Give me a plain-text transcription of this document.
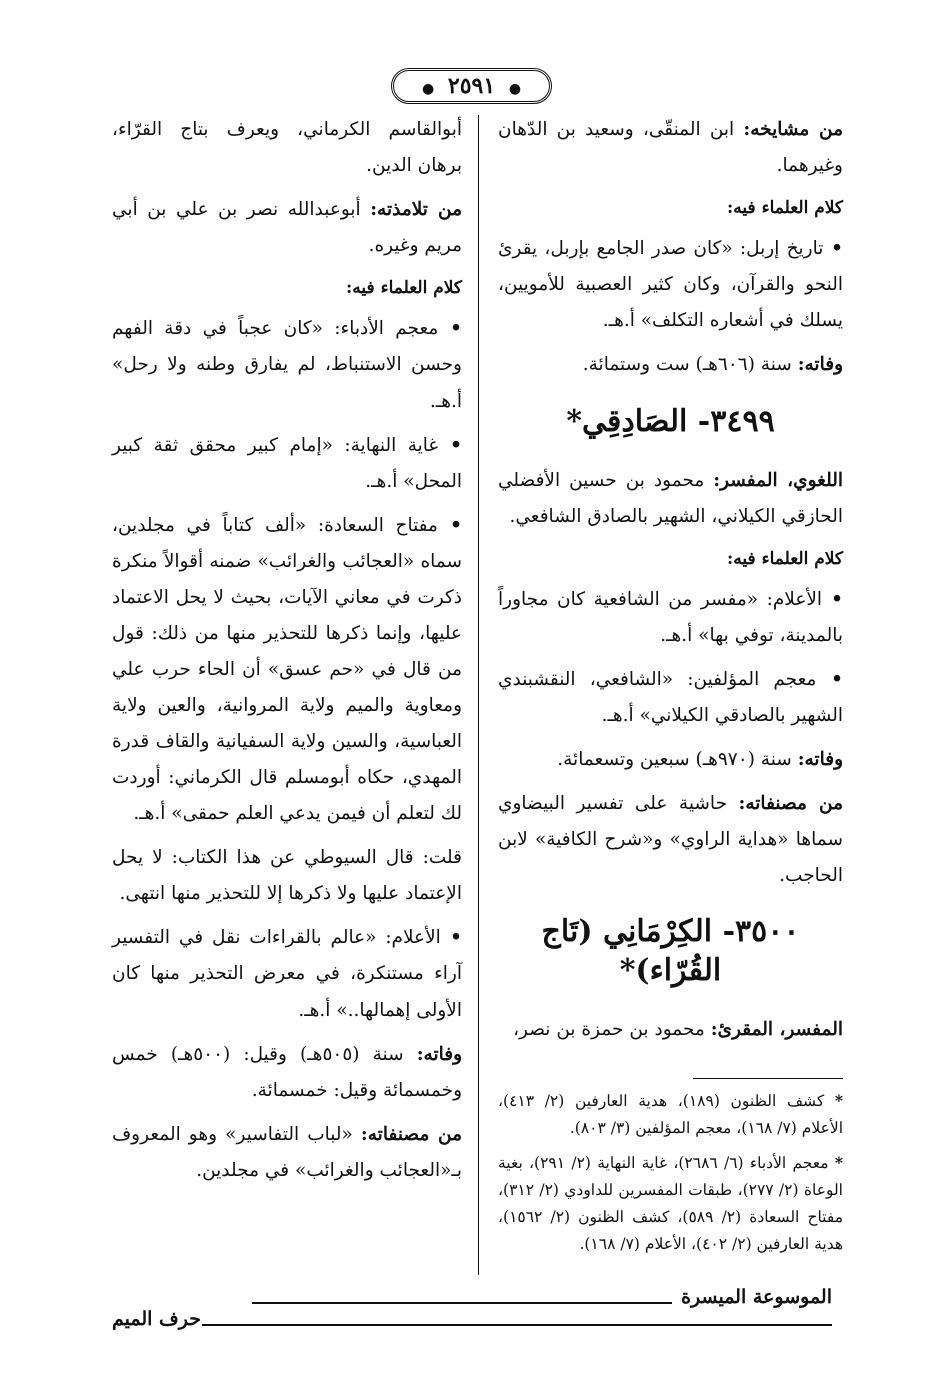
● ٢٥٩١ ●

من مشايخه: ابن المنقّى، وسعيد بن الدّهان وغيرهما.

كلام العلماء فيه:

• تاريخ إربل: «كان صدر الجامع بإربل، يقرئ النحو والقرآن، وكان كثير العصبية للأمويين، يسلك في أشعاره التكلف» أ.هـ.

وفاته: سنة (٦٠٦هـ) ست وستمائة.

٣٤٩٩- الصَادِقِي*

اللغوي، المفسر: محمود بن حسين الأفضلي الحازقي الكيلاني، الشهير بالصادق الشافعي.

كلام العلماء فيه:

• الأعلام: «مفسر من الشافعية كان مجاوراً بالمدينة، توفي بها» أ.هـ.

• معجم المؤلفين: «الشافعي، النقشبندي الشهير بالصادقي الكيلاني» أ.هـ.

وفاته: سنة (٩٧٠هـ) سبعين وتسعمائة.

من مصنفاته: حاشية على تفسير البيضاوي سماها «هداية الراوي» و«شرح الكافية» لابن الحاجب.

٣٥٠٠- الكِرْمَانِي (تَاج القُرّاء)*

المفسر، المقرئ: محمود بن حمزة بن نصر،

* كشف الظنون (١٨٩)، هدية العارفين (٢/ ٤١٣)، الأعلام (٧/ ١٦٨)، معجم المؤلفين (٣/ ٨٠٣).

* معجم الأدباء (٦/ ٢٦٨٦)، غاية النهاية (٢/ ٢٩١)، بغية الوعاة (٢/ ٢٧٧)، طبقات المفسرين للداودي (٢/ ٣١٢)، مفتاح السعادة (٢/ ٥٨٩)، كشف الظنون (٢/ ١٥٦٢)، هدية العارفين (٢/ ٤٠٢)، الأعلام (٧/ ١٦٨).

أبوالقاسم الكرماني، ويعرف بتاج القرّاء، برهان الدين.

من تلامذته: أبوعبدالله نصر بن علي بن أبي مريم وغيره.

كلام العلماء فيه:

• معجم الأدباء: «كان عجباً في دقة الفهم وحسن الاستنباط، لم يفارق وطنه ولا رحل» أ.هـ.

• غاية النهاية: «إمام كبير محقق ثقة كبير المحل» أ.هـ.

• مفتاح السعادة: «ألف كتاباً في مجلدين، سماه «العجائب والغرائب» ضمنه أقوالاً منكرة ذكرت في معاني الآيات، بحيث لا يحل الاعتماد عليها، وإنما ذكرها للتحذير منها من ذلك: قول من قال في «حم عسق» أن الحاء حرب علي ومعاوية والميم ولاية المروانية، والعين ولاية العباسية، والسين ولاية السفيانية والقاف قدرة المهدي، حكاه أبومسلم قال الكرماني: أوردت لك لتعلم أن فيمن يدعي العلم حمقى» أ.هـ.

قلت: قال السيوطي عن هذا الكتاب: لا يحل الإعتماد عليها ولا ذكرها إلا للتحذير منها انتهى.

• الأعلام: «عالم بالقراءات نقل في التفسير آراء مستنكرة، في معرض التحذير منها كان الأولى إهمالها..» أ.هـ.

وفاته: سنة (٥٠٥هـ) وقيل: (٥٠٠هـ) خمس وخمسمائة وقيل: خمسمائة.

من مصنفاته: «لباب التفاسير» وهو المعروف بـ«العجائب والغرائب» في مجلدين.

الموسوعة الميسرة
حرف الميم
